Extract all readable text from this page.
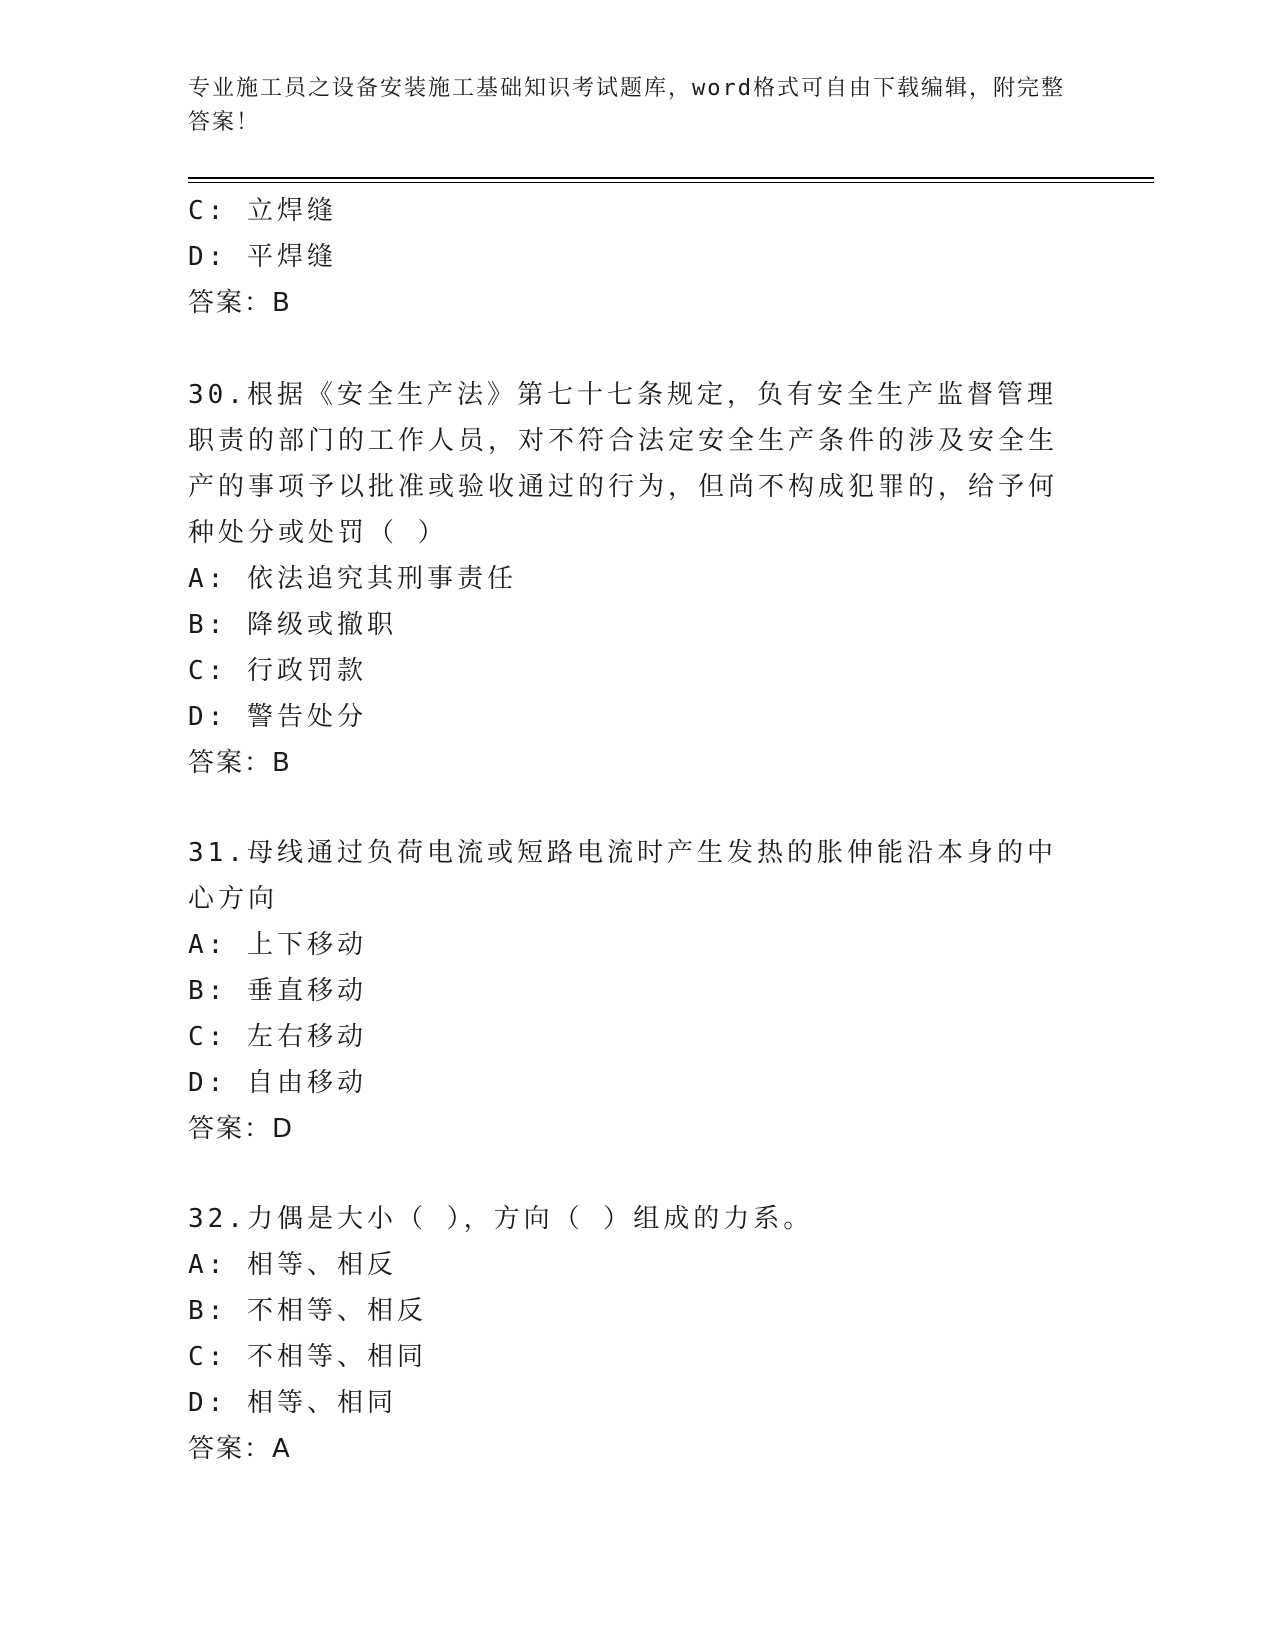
专业施工员之设备安装施工基础知识考试题库，word格式可自由下载编辑，附完整答案！
C: 立焊缝
D: 平焊缝
答案：B
30.根据《安全生产法》第七十七条规定，负有安全生产监督管理职责的部门的工作人员，对不符合法定安全生产条件的涉及安全生产的事项予以批准或验收通过的行为，但尚不构成犯罪的，给予何种处分或处罚（ ）
A: 依法追究其刑事责任
B: 降级或撤职
C: 行政罚款
D: 警告处分
答案：B
31.母线通过负荷电流或短路电流时产生发热的胀伸能沿本身的中心方向
A: 上下移动
B: 垂直移动
C: 左右移动
D: 自由移动
答案：D
32.力偶是大小（ ），方向（ ）组成的力系。
A: 相等、相反
B: 不相等、相反
C: 不相等、相同
D: 相等、相同
答案：A
